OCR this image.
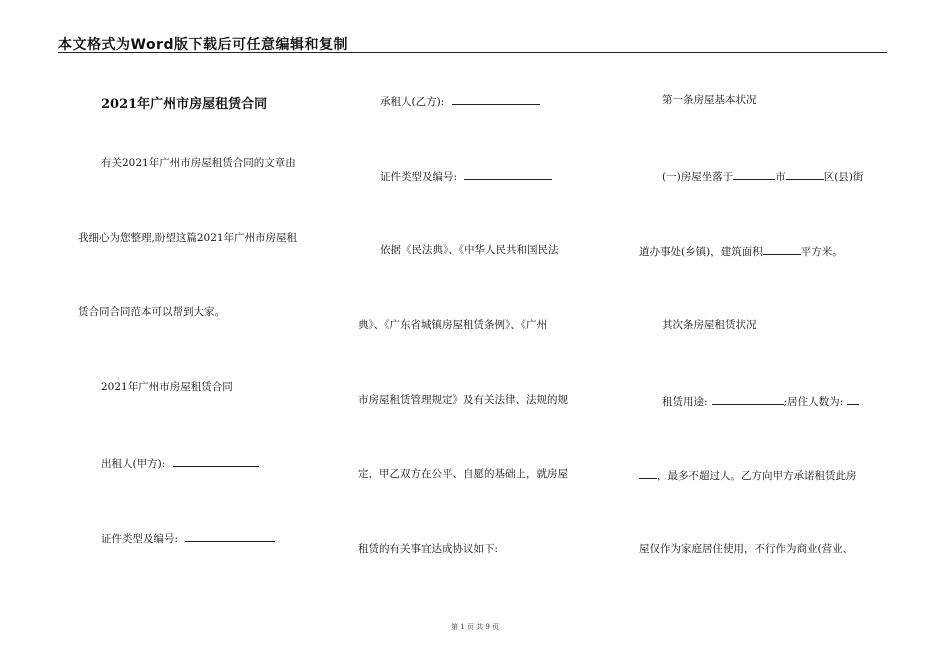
本文格式为Word版下载后可任意编辑和复制
2021年广州市房屋租赁合同
有关2021年广州市房屋租赁合同的文章由
我细心为您整理,盼望这篇2021年广州市房屋租
赁合同合同范本可以帮到大家。
2021年广州市房屋租赁合同
出租人(甲方):
证件类型及编号:
承租人(乙方):
证件类型及编号:
依据《民法典》、《中华人民共和国民法
典》、《广东省城镇房屋租赁条例》、《广州
市房屋租赁管理规定》及有关法律、法规的规
定，甲乙双方在公平、自愿的基础上，就房屋
租赁的有关事宜达成协议如下:
第一条房屋基本状况
(一)房屋坐落于	市	区(县)街
道办事处(乡镇)，建筑面积	平方米。
其次条房屋租赁状况
租赁用途:	;居住人数为:
，最多不超过人。乙方向甲方承诺租赁此房
屋仅作为家庭居住使用，不行作为商业(营业、
第 1 页 共 9 页
